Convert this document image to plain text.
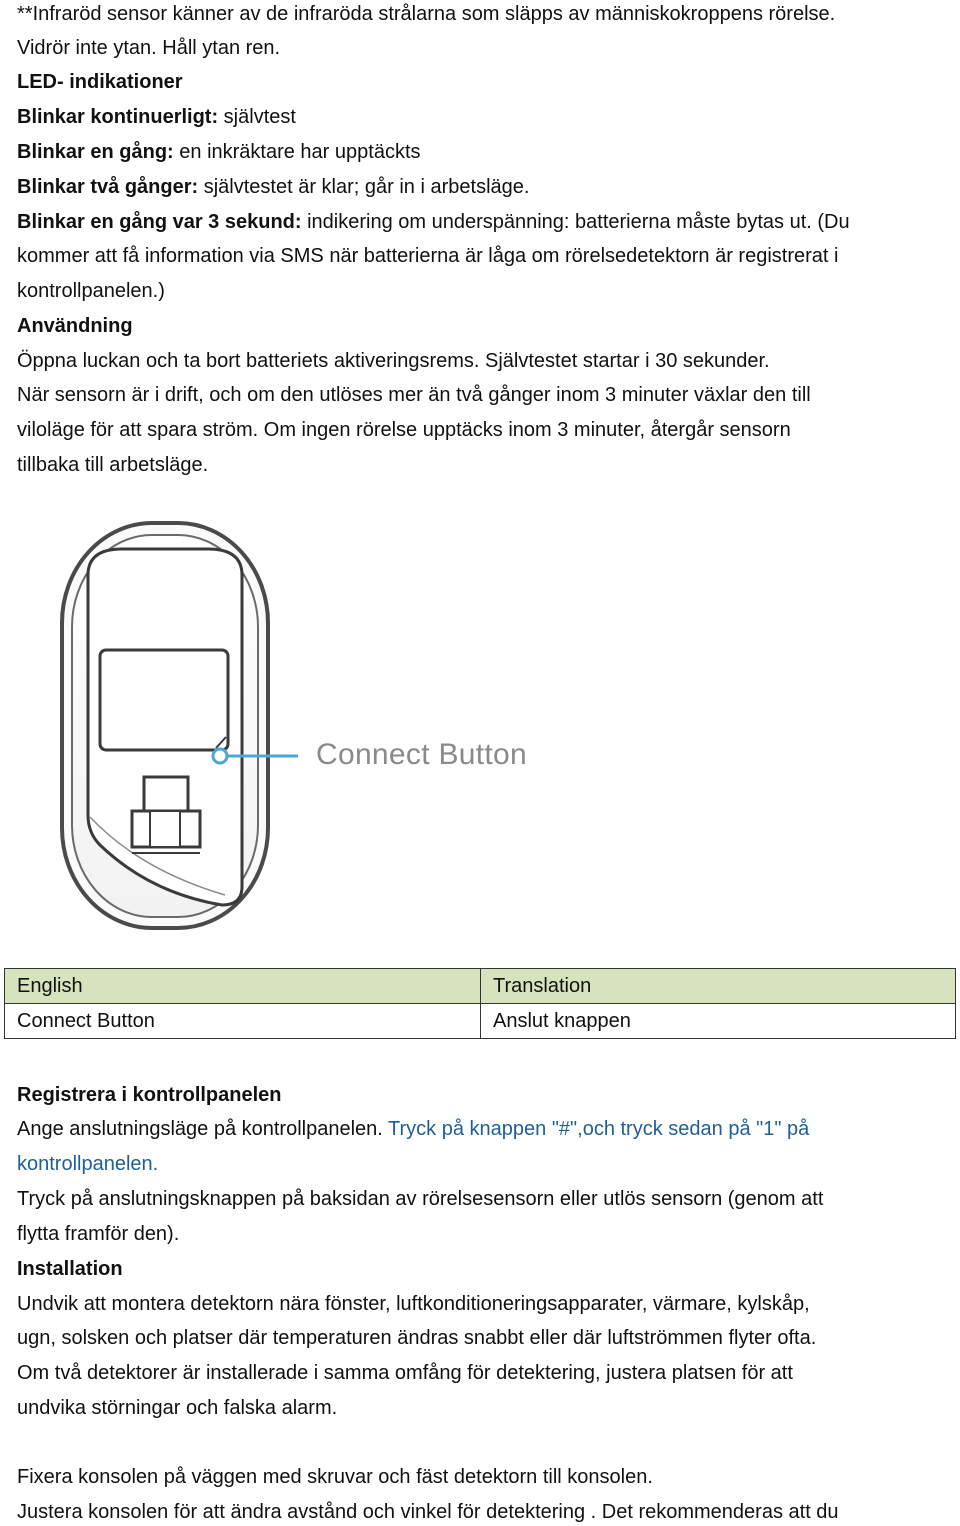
**Infraröd sensor känner av de infraröda strålarna som släpps av människokroppens rörelse.
Vidrör inte ytan. Håll ytan ren.
LED- indikationer
Blinkar kontinuerligt: självtest
Blinkar en gång: en inkräktare har upptäckts
Blinkar två gånger: självtestet är klar; går in i arbetsläge.
Blinkar en gång var 3 sekund: indikering om underspänning: batterierna måste bytas ut. (Du
kommer att få information via SMS när batterierna är låga om rörelsedetektorn är registrerat i
kontrollpanelen.)
Användning
Öppna luckan och ta bort batteriets aktiveringsrems. Självtestet startar i 30 sekunder.
När sensorn är i drift, och om den utlöses mer än två gånger inom 3 minuter växlar den till
viloläge för att spara ström. Om ingen rörelse upptäcks inom 3 minuter, återgår sensorn
tillbaka till arbetsläge.
Connect Button
English	Translation
Connect Button	Anslut knappen
Registrera i kontrollpanelen
Ange anslutningsläge på kontrollpanelen. Tryck på knappen "#",och tryck sedan på "1" på
kontrollpanelen.
Tryck på anslutningsknappen på baksidan av rörelsesensorn eller utlös sensorn (genom att
flytta framför den).
Installation
Undvik att montera detektorn nära fönster, luftkonditioneringsapparater, värmare, kylskåp,
ugn, solsken och platser där temperaturen ändras snabbt eller där luftströmmen flyter ofta.
Om två detektorer är installerade i samma omfång för detektering, justera platsen för att
undvika störningar och falska alarm.
Fixera konsolen på väggen med skruvar och fäst detektorn till konsolen.
Justera konsolen för att ändra avstånd och vinkel för detektering . Det rekommenderas att du
